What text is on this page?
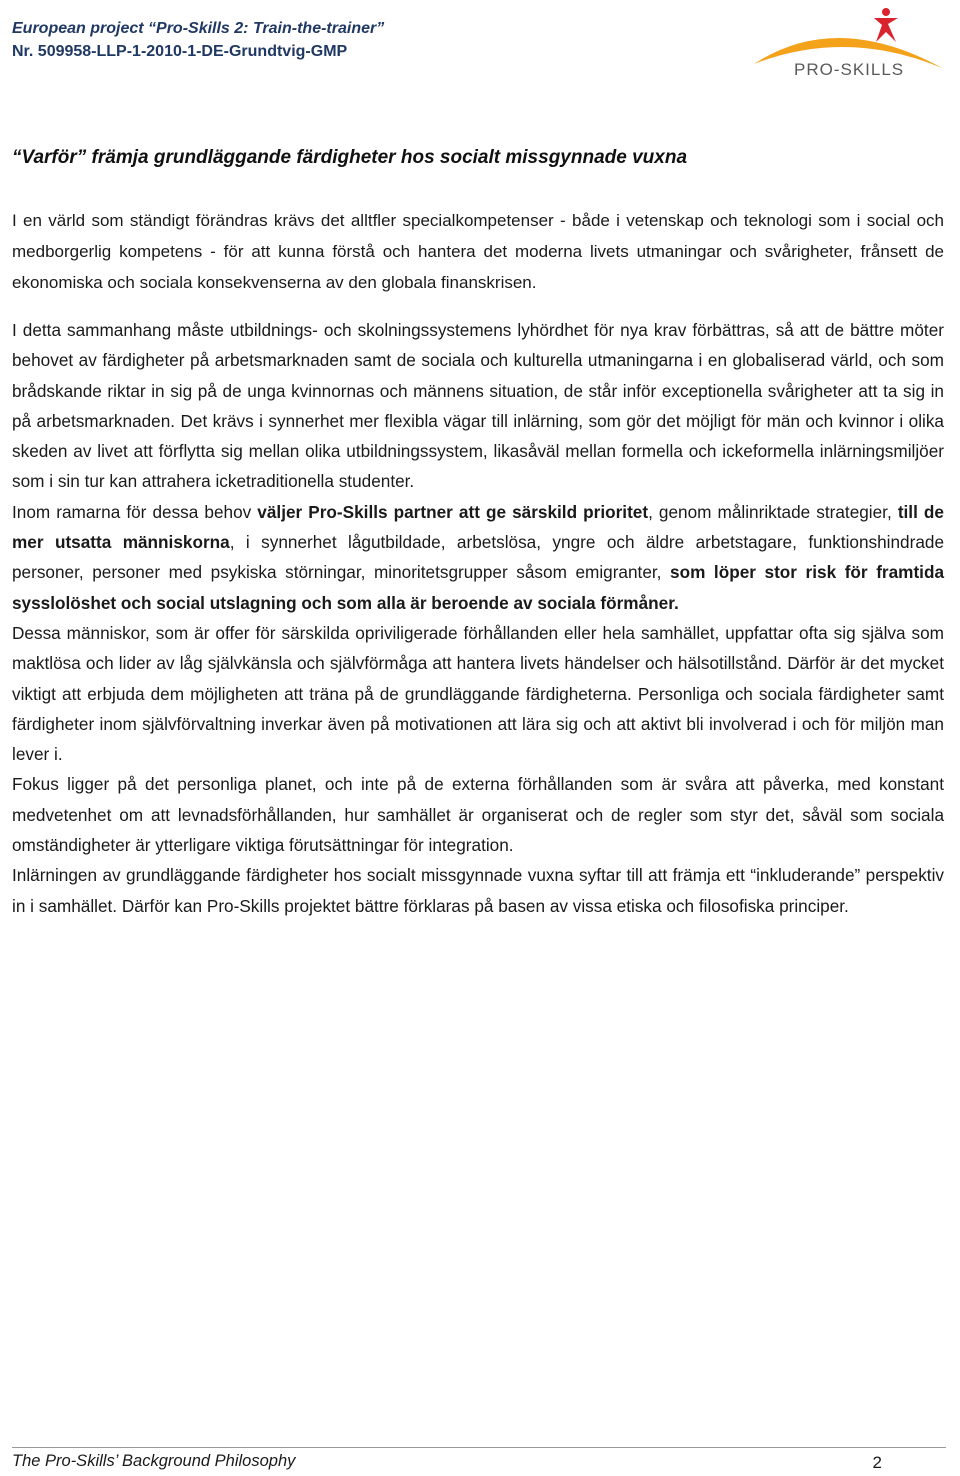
European project “Pro-Skills 2: Train-the-trainer”
Nr. 509958-LLP-1-2010-1-DE-Grundtvig-GMP
PRO-SKILLS
“Varför” främja grundläggande färdigheter hos socialt missgynnade vuxna

I en värld som ständigt förändras krävs det alltfler specialkompetenser - både i vetenskap och teknologi som i social och medborgerlig kompetens - för att kunna förstå och hantera det moderna livets utmaningar och svårigheter, frånsett de ekonomiska och sociala konsekvenserna av den globala finanskrisen.

I detta sammanhang måste utbildnings- och skolningssystemens lyhördhet för nya krav förbättras, så att de bättre möter behovet av färdigheter på arbetsmarknaden samt de sociala och kulturella utmaningarna i en globaliserad värld, och som brådskande riktar in sig på de unga kvinnornas och männens situation, de står inför exceptionella svårigheter att ta sig in på arbetsmarknaden. Det krävs i synnerhet mer flexibla vägar till inlärning, som gör det möjligt för män och kvinnor i olika skeden av livet att förflytta sig mellan olika utbildningssystem, likasåväl mellan formella och ickeformella inlärningsmiljöer som i sin tur kan attrahera icketraditionella studenter.

Inom ramarna för dessa behov väljer Pro-Skills partner att ge särskild prioritet, genom målinriktade strategier, till de mer utsatta människorna, i synnerhet lågutbildade, arbetslösa, yngre och äldre arbetstagare, funktionshindrade personer, personer med psykiska störningar, minoritetsgrupper såsom emigranter, som löper stor risk för framtida sysslolöshet och social utslagning och som alla är beroende av sociala förmåner.

Dessa människor, som är offer för särskilda opriviligerade förhållanden eller hela samhället, uppfattar ofta sig själva som maktlösa och lider av låg självkänsla och självförmåga att hantera livets händelser och hälsotillstånd. Därför är det mycket viktigt att erbjuda dem möjligheten att träna på de grundläggande färdigheterna. Personliga och sociala färdigheter samt färdigheter inom självförvaltning inverkar även på motivationen att lära sig och att aktivt bli involverad i och för miljön man lever i.

Fokus ligger på det personliga planet, och inte på de externa förhållanden som är svåra att påverka, med konstant medvetenhet om att levnadsförhållanden, hur samhället är organiserat och de regler som styr det, såväl som sociala omständigheter är ytterligare viktiga förutsättningar för integration.

Inlärningen av grundläggande färdigheter hos socialt missgynnade vuxna syftar till att främja ett “inkluderande” perspektiv in i samhället. Därför kan Pro-Skills projektet bättre förklaras på basen av vissa etiska och filosofiska principer.

The Pro-Skills’ Background Philosophy	2
